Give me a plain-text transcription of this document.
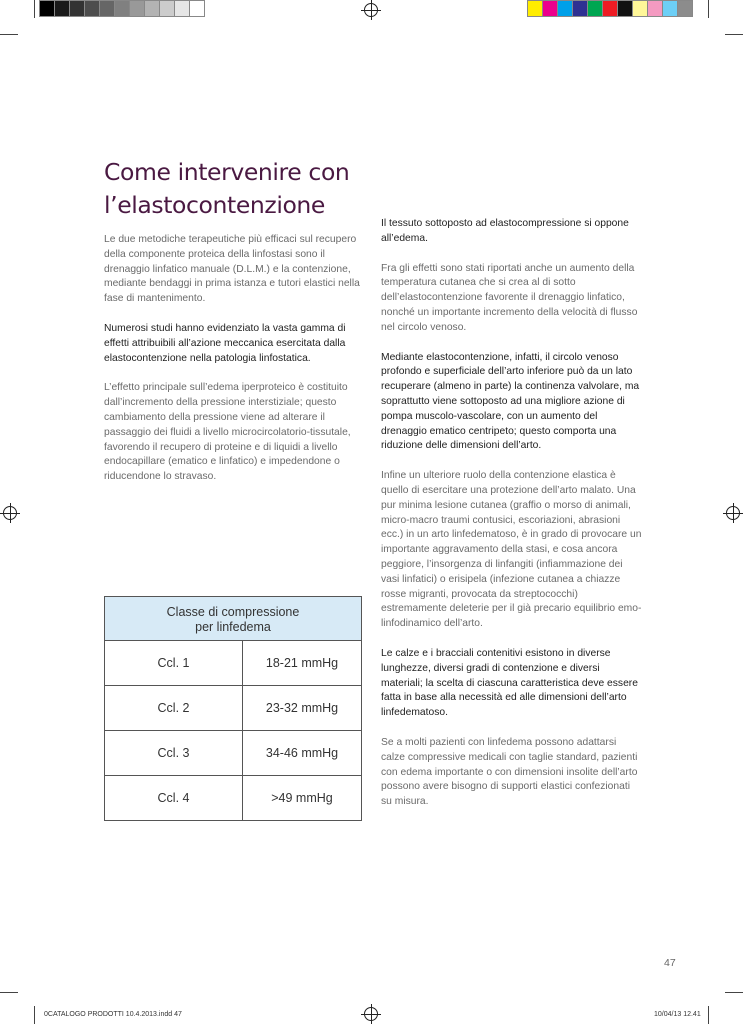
Come intervenire con
l’elastocontenzione

Le due metodiche terapeutiche più efficaci sul recupero della componente proteica della linfostasi sono il drenaggio linfatico manuale (D.L.M.) e la contenzione, mediante bendaggi in prima istanza e tutori elastici nella fase di mantenimento.

Numerosi studi hanno evidenziato la vasta gamma di effetti attribuibili all’azione meccanica esercitata dalla elastocontenzione nella patologia linfostatica.

L’effetto principale sull’edema iperproteico è costituito dall’incremento della pressione interstiziale; questo cambiamento della pressione viene ad alterare il passaggio dei fluidi a livello microcircolatorio-tissutale, favorendo il recupero di proteine e di liquidi a livello endocapillare (ematico e linfatico) e impedendone o riducendone lo stravaso.

Il tessuto sottoposto ad elastocompressione si oppone all’edema.

Fra gli effetti sono stati riportati anche un aumento della temperatura cutanea che si crea al di sotto dell’elastocontenzione favorente il drenaggio linfatico, nonché un importante incremento della velocità di flusso nel circolo venoso.

Mediante elastocontenzione, infatti, il circolo venoso profondo e superficiale dell’arto inferiore può da un lato recuperare (almeno in parte) la continenza valvolare, ma soprattutto viene sottoposto ad una migliore azione di pompa muscolo-vascolare, con un aumento del drenaggio ematico centripeto; questo comporta una riduzione delle dimensioni dell’arto.

Infine un ulteriore ruolo della contenzione elastica è quello di esercitare una protezione dell’arto malato. Una pur minima lesione cutanea (graffio o morso di animali, micro-macro traumi contusici, escoriazioni, abrasioni ecc.) in un arto linfedematoso, è in grado di provocare un importante aggravamento della stasi, e cosa ancora peggiore, l’insorgenza di linfangiti (infiammazione dei vasi linfatici) o erisipela (infezione cutanea a chiazze rosse migranti, provocata da streptococchi) estremamente deleterie per il già precario equilibrio emo-linfodinamico dell’arto.

Le calze e i bracciali contenitivi esistono in diverse lunghezze, diversi gradi di contenzione e diversi materiali; la scelta di ciascuna caratteristica deve essere fatta in base alla necessità ed alle dimensioni dell’arto linfedematoso.

Se a molti pazienti con linfedema possono adattarsi calze compressive medicali con taglie standard, pazienti con edema importante o con dimensioni insolite dell’arto possono avere bisogno di supporti elastici confezionati su misura.

Classe di compressione
per linfedema	
Ccl. 1	18-21 mmHg
Ccl. 2	23-32 mmHg
Ccl. 3	34-46 mmHg
Ccl. 4	>49 mmHg
47
0CATALOGO PRODOTTI 10.4.2013.indd 47	10/04/13 12.41
